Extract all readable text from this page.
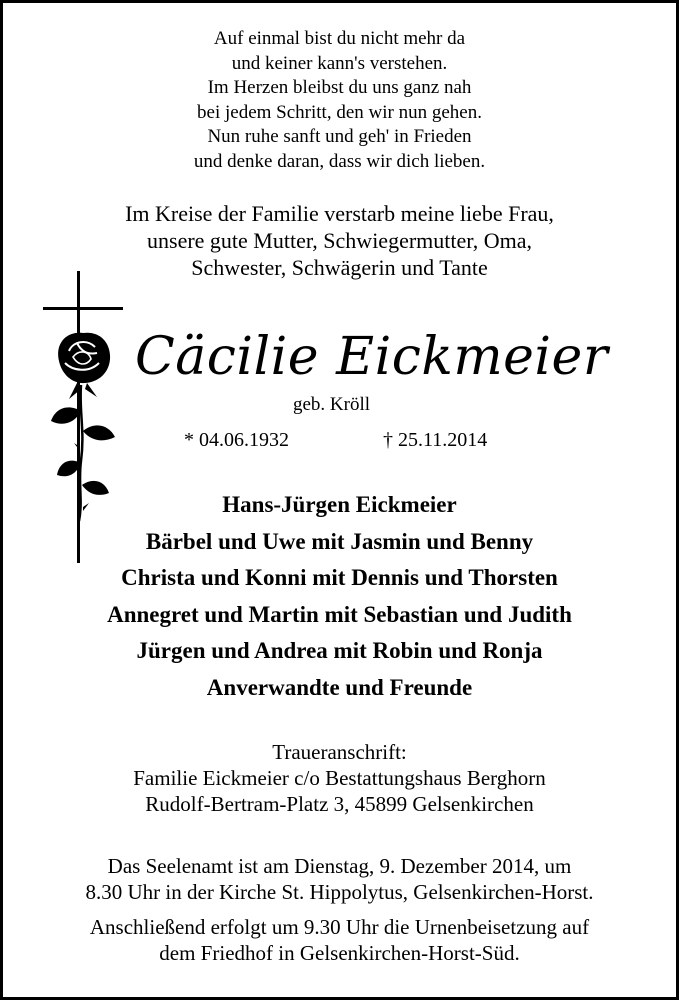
Auf einmal bist du nicht mehr da
und keiner kann's verstehen.
Im Herzen bleibst du uns ganz nah
bei jedem Schritt, den wir nun gehen.
Nun ruhe sanft und geh' in Frieden
und denke daran, dass wir dich lieben.
Im Kreise der Familie verstarb meine liebe Frau,
unsere gute Mutter, Schwiegermutter, Oma,
Schwester, Schwägerin und Tante
Cäcilie Eickmeier
geb. Kröll
* 04.06.1932	† 25.11.2014
Hans-Jürgen Eickmeier
Bärbel und Uwe mit Jasmin und Benny
Christa und Konni mit Dennis und Thorsten
Annegret und Martin mit Sebastian und Judith
Jürgen und Andrea mit Robin und Ronja
Anverwandte und Freunde
Traueranschrift:
Familie Eickmeier c/o Bestattungshaus Berghorn
Rudolf-Bertram-Platz 3, 45899 Gelsenkirchen
Das Seelenamt ist am Dienstag, 9. Dezember 2014, um
8.30 Uhr in der Kirche St. Hippolytus, Gelsenkirchen-Horst.
Anschließend erfolgt um 9.30 Uhr die Urnenbeisetzung auf
dem Friedhof in Gelsenkirchen-Horst-Süd.
